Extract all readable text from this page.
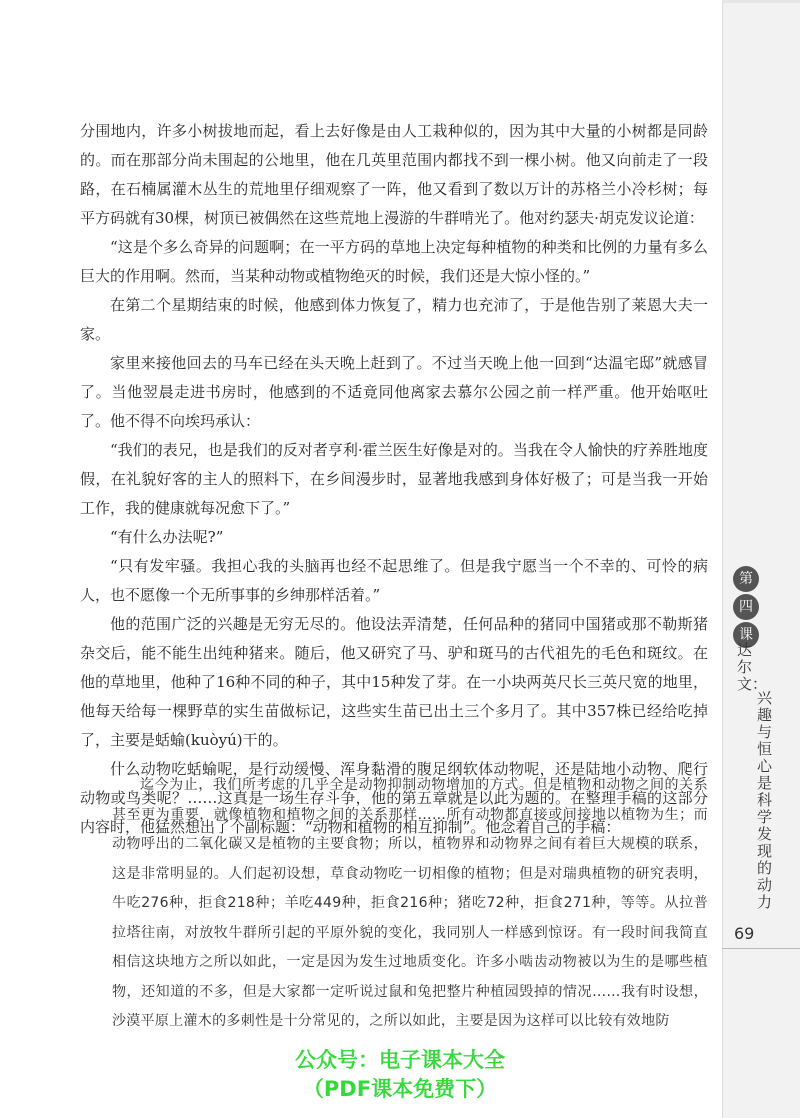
第
四
课
达尔文：
兴趣与恒心是科学发现的动力
69

分围地内，许多小树拔地而起，看上去好像是由人工栽种似的，因为其中大量的小树都是同龄的。而在那部分尚未围起的公地里，他在几英里范围内都找不到一棵小树。他又向前走了一段路，在石楠属灌木丛生的荒地里仔细观察了一阵，他又看到了数以万计的苏格兰小冷杉树；每平方码就有30棵，树顶已被偶然在这些荒地上漫游的牛群啃光了。他对约瑟夫·胡克发议论道：

“这是个多么奇异的问题啊；在一平方码的草地上决定每种植物的种类和比例的力量有多么巨大的作用啊。然而，当某种动物或植物绝灭的时候，我们还是大惊小怪的。”

在第二个星期结束的时候，他感到体力恢复了，精力也充沛了，于是他告别了莱恩大夫一家。

家里来接他回去的马车已经在头天晚上赶到了。不过当天晚上他一回到“达温宅邸”就感冒了。当他翌晨走进书房时，他感到的不适竟同他离家去慕尔公园之前一样严重。他开始呕吐了。他不得不向埃玛承认：

“我们的表兄，也是我们的反对者亨利·霍兰医生好像是对的。当我在令人愉快的疗养胜地度假，在礼貌好客的主人的照料下，在乡间漫步时，显著地我感到身体好极了；可是当我一开始工作，我的健康就每况愈下了。”

“有什么办法呢?”

“只有发牢骚。我担心我的头脑再也经不起思维了。但是我宁愿当一个不幸的、可怜的病人，也不愿像一个无所事事的乡绅那样活着。”

他的范围广泛的兴趣是无穷无尽的。他设法弄清楚，任何品种的猪同中国猪或那不勒斯猪杂交后，能不能生出纯种猪来。随后，他又研究了马、驴和斑马的古代祖先的毛色和斑纹。在他的草地里，他种了16种不同的种子，其中15种发了芽。在一小块两英尺长三英尺宽的地里，他每天给每一棵野草的实生苗做标记，这些实生苗已出土三个多月了。其中357株已经给吃掉了，主要是蛞蝓(kuòyú)干的。

什么动物吃蛞蝓呢，是行动缓慢、浑身黏滑的腹足纲软体动物呢，还是陆地小动物、爬行动物或鸟类呢？……这真是一场生存斗争，他的第五章就是以此为题的。在整理手稿的这部分内容时，他猛然想出了个副标题：“动物和植物的相互抑制”。他念着自己的手稿：

迄今为止，我们所考虑的几乎全是动物抑制动物增加的方式。但是植物和动物之间的关系甚至更为重要，就像植物和植物之间的关系那样……所有动物都直接或间接地以植物为生；而动物呼出的二氧化碳又是植物的主要食物；所以，植物界和动物界之间有着巨大规模的联系，这是非常明显的。人们起初设想，草食动物吃一切相像的植物；但是对瑞典植物的研究表明，牛吃276种，拒食218种；羊吃449种，拒食216种；猪吃72种，拒食271种，等等。从拉普拉塔往南，对放牧牛群所引起的平原外貌的变化，我同别人一样感到惊讶。有一段时间我简直相信这块地方之所以如此，一定是因为发生过地质变化。许多小啮齿动物被以为生的是哪些植物，还知道的不多，但是大家都一定听说过鼠和兔把整片种植园毁掉的情况……我有时设想，沙漠平原上灌木的多刺性是十分常见的，之所以如此，主要是因为这样可以比较有效地防

公众号：电子课本大全
（PDF课本免费下）
